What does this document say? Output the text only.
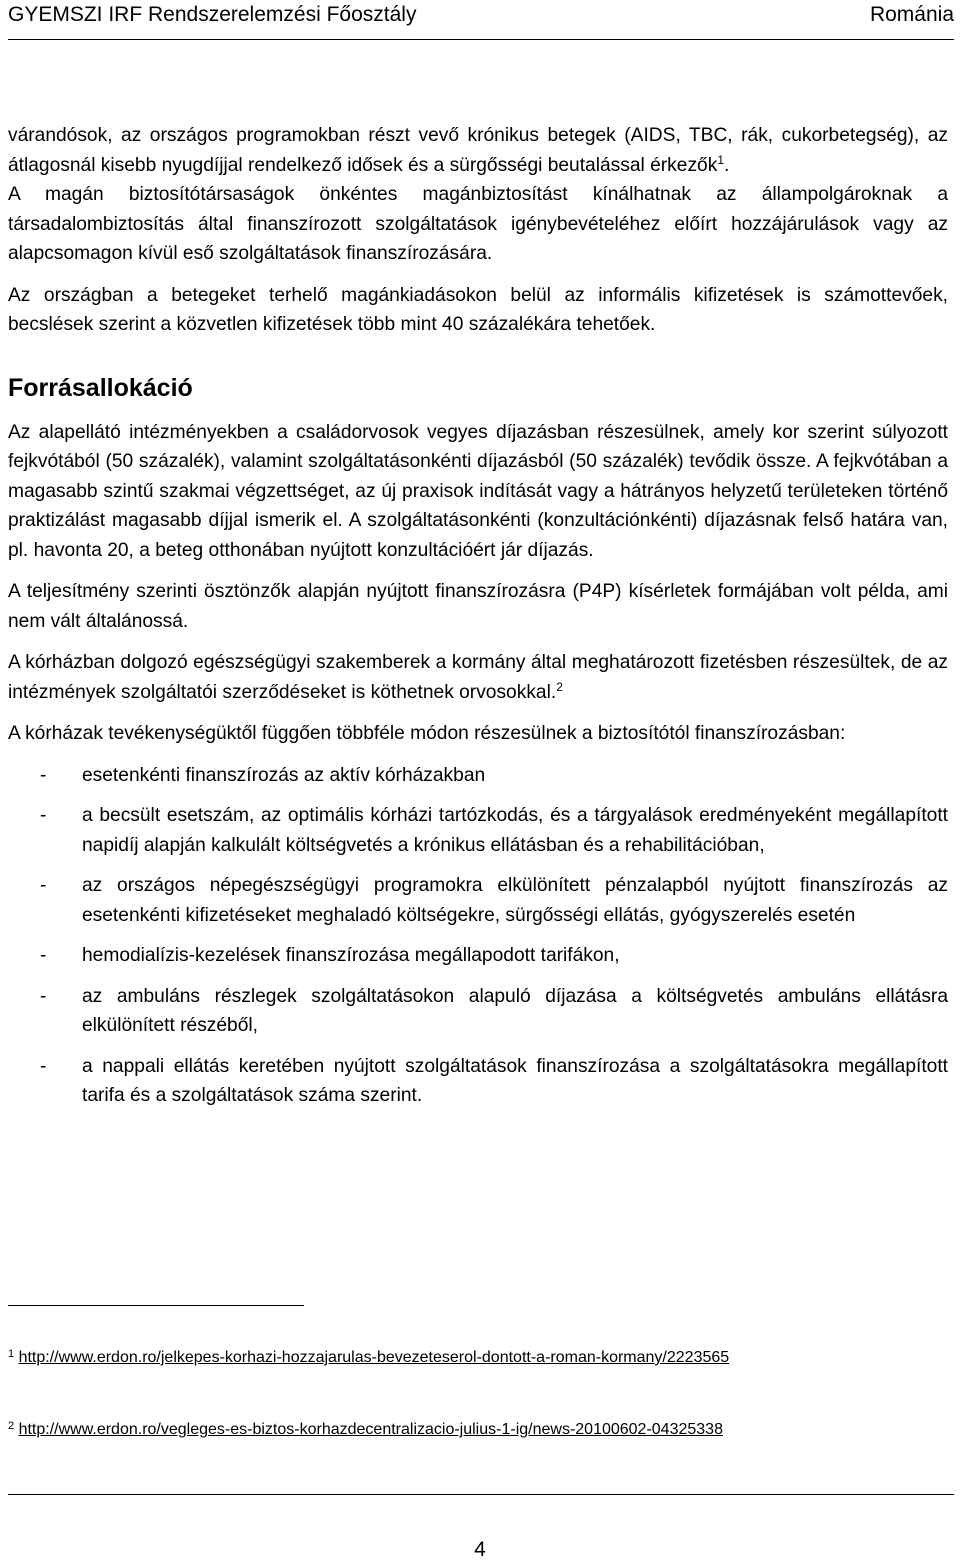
GYEMSZI IRF Rendszerelemzési Főosztály	Románia

várandósok, az országos programokban részt vevő krónikus betegek (AIDS, TBC, rák, cukorbetegség), az átlagosnál kisebb nyugdíjjal rendelkező idősek és a sürgősségi beutalással érkezők$^1$.

A magán biztosítótársaságok önkéntes magánbiztosítást kínálhatnak az állampolgároknak a társadalombiztosítás által finanszírozott szolgáltatások igénybevételéhez előírt hozzájárulások vagy az alapcsomagon kívül eső szolgáltatások finanszírozására.

Az országban a betegeket terhelő magánkiadásokon belül az informális kifizetések is számottevőek, becslések szerint a közvetlen kifizetések több mint 40 százalékára tehetőek.

Forrásallokáció

Az alapellátó intézményekben a családorvosok vegyes díjazásban részesülnek, amely kor szerint súlyozott fejkvótából (50 százalék), valamint szolgáltatásonkénti díjazásból (50 százalék) tevődik össze. A fejkvótában a magasabb szintű szakmai végzettséget, az új praxisok indítását vagy a hátrányos helyzetű területeken történő praktizálást magasabb díjjal ismerik el. A szolgáltatásonkénti (konzultációnkénti) díjazásnak felső határa van, pl. havonta 20, a beteg otthonában nyújtott konzultációért jár díjazás.

A teljesítmény szerinti ösztönzők alapján nyújtott finanszírozásra (P4P) kísérletek formájában volt példa, ami nem vált általánossá.

A kórházban dolgozó egészségügyi szakemberek a kormány által meghatározott fizetésben részesültek, de az intézmények szolgáltatói szerződéseket is köthetnek orvosokkal.$^2$

A kórházak tevékenységüktől függően többféle módon részesülnek a biztosítótól finanszírozásban:

- esetenkénti finanszírozás az aktív kórházakban
- a becsült esetszám, az optimális kórházi tartózkodás, és a tárgyalások eredményeként megállapított napidíj alapján kalkulált költségvetés a krónikus ellátásban és a rehabilitációban,
- az országos népegészségügyi programokra elkülönített pénzalapból nyújtott finanszírozás az esetenkénti kifizetéseket meghaladó költségekre, sürgősségi ellátás, gyógyszerelés esetén
- hemodialízis-kezelések finanszírozása megállapodott tarifákon,
- az ambuláns részlegek szolgáltatásokon alapuló díjazása a költségvetés ambuláns ellátásra elkülönített részéből,
- a nappali ellátás keretében nyújtott szolgáltatások finanszírozása a szolgáltatásokra megállapított tarifa és a szolgáltatások száma szerint.
$^1$ http://www.erdon.ro/jelkepes-korhazi-hozzajarulas-bevezeteserol-dontott-a-roman-kormany/2223565
$^2$ http://www.erdon.ro/vegleges-es-biztos-korhazdecentralizacio-julius-1-ig/news-20100602-04325338
4
